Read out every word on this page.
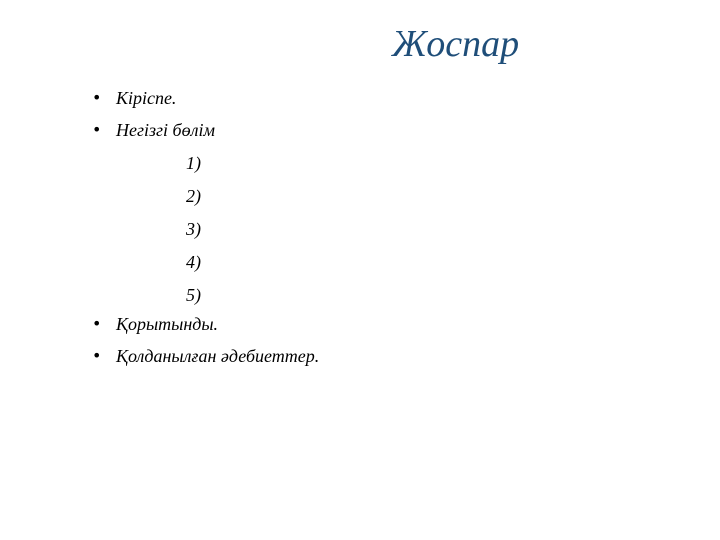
Жоспар
• Кіріспе.
• Негізгі бөлім
1)
2)
3)
4)
5)
• Қорытынды.
• Қолданылған әдебиеттер.
